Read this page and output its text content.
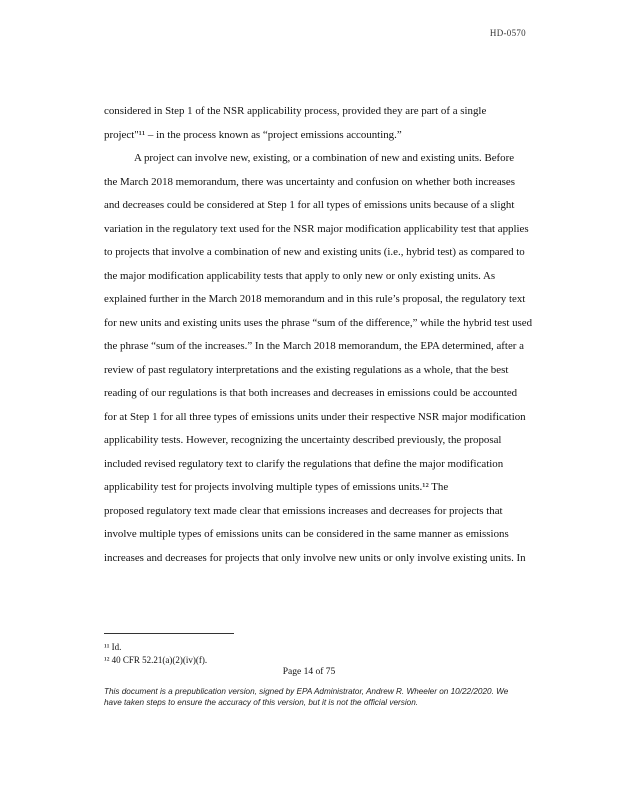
HD-0570
considered in Step 1 of the NSR applicability process, provided they are part of a single
project"¹¹ – in the process known as “project emissions accounting.”
A project can involve new, existing, or a combination of new and existing units. Before
the March 2018 memorandum, there was uncertainty and confusion on whether both increases
and decreases could be considered at Step 1 for all types of emissions units because of a slight
variation in the regulatory text used for the NSR major modification applicability test that applies
to projects that involve a combination of new and existing units (i.e., hybrid test) as compared to
the major modification applicability tests that apply to only new or only existing units. As
explained further in the March 2018 memorandum and in this rule’s proposal, the regulatory text
for new units and existing units uses the phrase “sum of the difference,” while the hybrid test used
the phrase “sum of the increases.” In the March 2018 memorandum, the EPA determined, after a
review of past regulatory interpretations and the existing regulations as a whole, that the best
reading of our regulations is that both increases and decreases in emissions could be accounted
for at Step 1 for all three types of emissions units under their respective NSR major modification
applicability tests. However, recognizing the uncertainty described previously, the proposal
included revised regulatory text to clarify the regulations that define the major modification
applicability test for projects involving multiple types of emissions units.¹² The
proposed regulatory text made clear that emissions increases and decreases for projects that
involve multiple types of emissions units can be considered in the same manner as emissions
increases and decreases for projects that only involve new units or only involve existing units. In
¹¹ Id.
¹² 40 CFR 52.21(a)(2)(iv)(f).
Page 14 of 75
This document is a prepublication version, signed by EPA Administrator, Andrew R. Wheeler on 10/22/2020. We
have taken steps to ensure the accuracy of this version, but it is not the official version.
